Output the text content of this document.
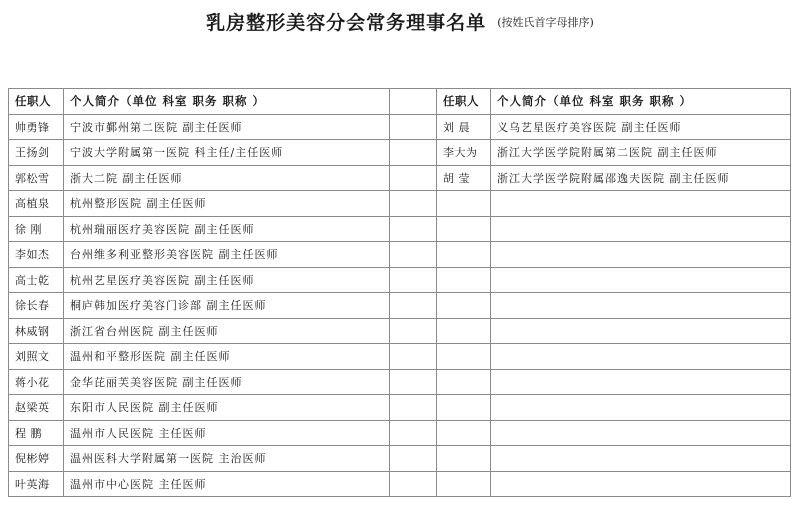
乳房整形美容分会常务理事名单 (按姓氏首字母排序)
任职人	个人简介（单位 科室 职务 职称 ）		任职人	个人简介（单位 科室 职务 职称 ）
帅勇锋	宁波市鄞州第二医院 副主任医师		刘 晨	义乌艺星医疗美容医院 副主任医师
王扬剑	宁波大学附属第一医院 科主任/主任医师		李大为	浙江大学医学院附属第二医院 副主任医师
郭松雪	浙大二院 副主任医师		胡 莹	浙江大学医学院附属邵逸夫医院 副主任医师
高植泉	杭州整形医院 副主任医师			
徐 刚	杭州瑞丽医疗美容医院 副主任医师			
李如杰	台州维多利亚整形美容医院 副主任医师			
高士乾	杭州艺星医疗美容医院 副主任医师			
徐长春	桐庐韩加医疗美容门诊部 副主任医师			
林威钢	浙江省台州医院 副主任医师			
刘照文	温州和平整形医院 副主任医师			
蒋小花	金华芘丽芙美容医院 副主任医师			
赵梁英	东阳市人民医院 副主任医师			
程 鹏	温州市人民医院 主任医师			
倪彬婷	温州医科大学附属第一医院 主治医师			
叶英海	温州市中心医院 主任医师			
